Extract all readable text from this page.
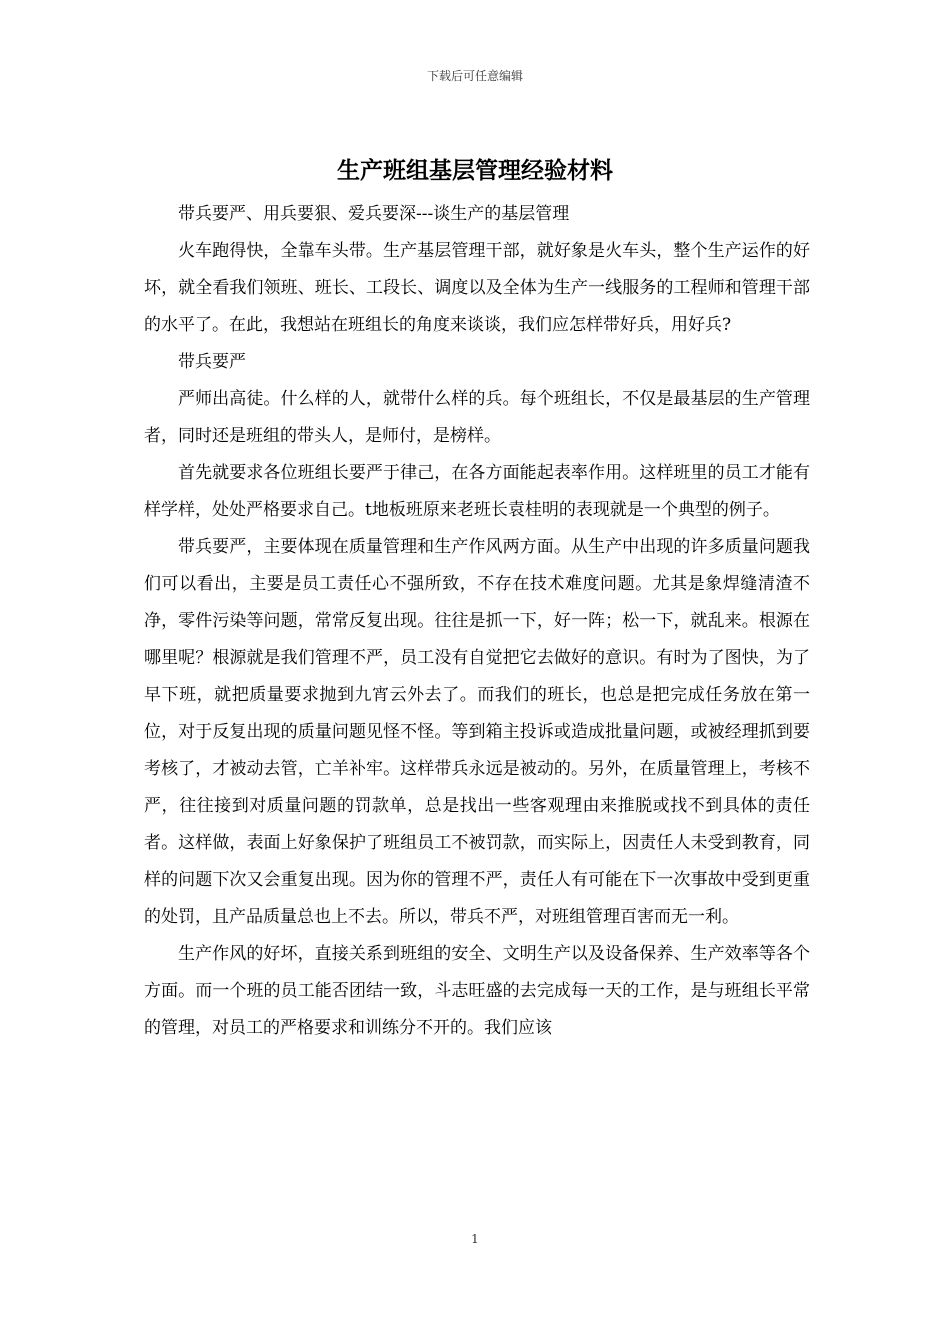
下载后可任意编辑
生产班组基层管理经验材料

带兵要严、用兵要狠、爱兵要深---谈生产的基层管理

火车跑得快，全靠车头带。生产基层管理干部，就好象是火车头，整个生产运作的好坏，就全看我们领班、班长、工段长、调度以及全体为生产一线服务的工程师和管理干部的水平了。在此，我想站在班组长的角度来谈谈，我们应怎样带好兵，用好兵?

带兵要严

严师出高徒。什么样的人，就带什么样的兵。每个班组长，不仅是最基层的生产管理者，同时还是班组的带头人，是师付，是榜样。

首先就要求各位班组长要严于律己，在各方面能起表率作用。这样班里的员工才能有样学样，处处严格要求自己。t地板班原来老班长袁桂明的表现就是一个典型的例子。

带兵要严，主要体现在质量管理和生产作风两方面。从生产中出现的许多质量问题我们可以看出，主要是员工责任心不强所致，不存在技术难度问题。尤其是象焊缝清渣不净，零件污染等问题，常常反复出现。往往是抓一下，好一阵；松一下，就乱来。根源在哪里呢？根源就是我们管理不严，员工没有自觉把它去做好的意识。有时为了图快，为了早下班，就把质量要求抛到九宵云外去了。而我们的班长，也总是把完成任务放在第一位，对于反复出现的质量问题见怪不怪。等到箱主投诉或造成批量问题，或被经理抓到要考核了，才被动去管，亡羊补牢。这样带兵永远是被动的。另外，在质量管理上，考核不严，往往接到对质量问题的罚款单，总是找出一些客观理由来推脱或找不到具体的责任者。这样做，表面上好象保护了班组员工不被罚款，而实际上，因责任人未受到教育，同样的问题下次又会重复出现。因为你的管理不严，责任人有可能在下一次事故中受到更重的处罚，且产品质量总也上不去。所以，带兵不严，对班组管理百害而无一利。

生产作风的好坏，直接关系到班组的安全、文明生产以及设备保养、生产效率等各个方面。而一个班的员工能否团结一致，斗志旺盛的去完成每一天的工作，是与班组长平常的管理，对员工的严格要求和训练分不开的。我们应该

1
